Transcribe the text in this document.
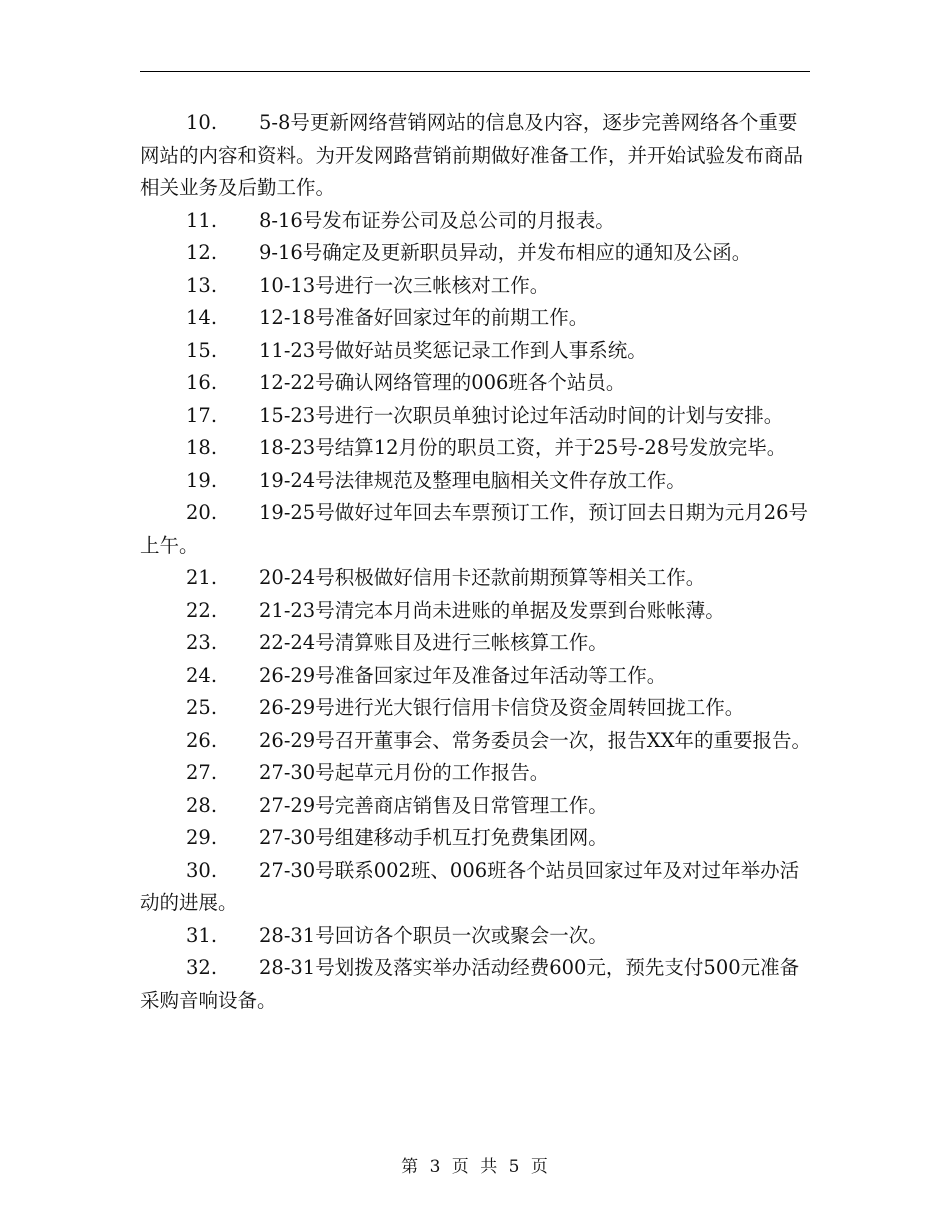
10. 5-8号更新网络营销网站的信息及内容，逐步完善网络各个重要网站的内容和资料。为开发网路营销前期做好准备工作，并开始试验发布商品相关业务及后勤工作。

11. 8-16号发布证券公司及总公司的月报表。

12. 9-16号确定及更新职员异动，并发布相应的通知及公函。

13. 10-13号进行一次三帐核对工作。

14. 12-18号准备好回家过年的前期工作。

15. 11-23号做好站员奖惩记录工作到人事系统。

16. 12-22号确认网络管理的006班各个站员。

17. 15-23号进行一次职员单独讨论过年活动时间的计划与安排。

18. 18-23号结算12月份的职员工资，并于25号-28号发放完毕。

19. 19-24号法律规范及整理电脑相关文件存放工作。

20. 19-25号做好过年回去车票预订工作，预订回去日期为元月26号上午。

21. 20-24号积极做好信用卡还款前期预算等相关工作。

22. 21-23号清完本月尚未进账的单据及发票到台账帐薄。

23. 22-24号清算账目及进行三帐核算工作。

24. 26-29号准备回家过年及准备过年活动等工作。

25. 26-29号进行光大银行信用卡信贷及资金周转回拢工作。

26. 26-29号召开董事会、常务委员会一次，报告XX年的重要报告。

27. 27-30号起草元月份的工作报告。

28. 27-29号完善商店销售及日常管理工作。

29. 27-30号组建移动手机互打免费集团网。

30. 27-30号联系002班、006班各个站员回家过年及对过年举办活动的进展。

31. 28-31号回访各个职员一次或聚会一次。

32. 28-31号划拨及落实举办活动经费600元，预先支付500元准备采购音响设备。

第 3 页 共 5 页
